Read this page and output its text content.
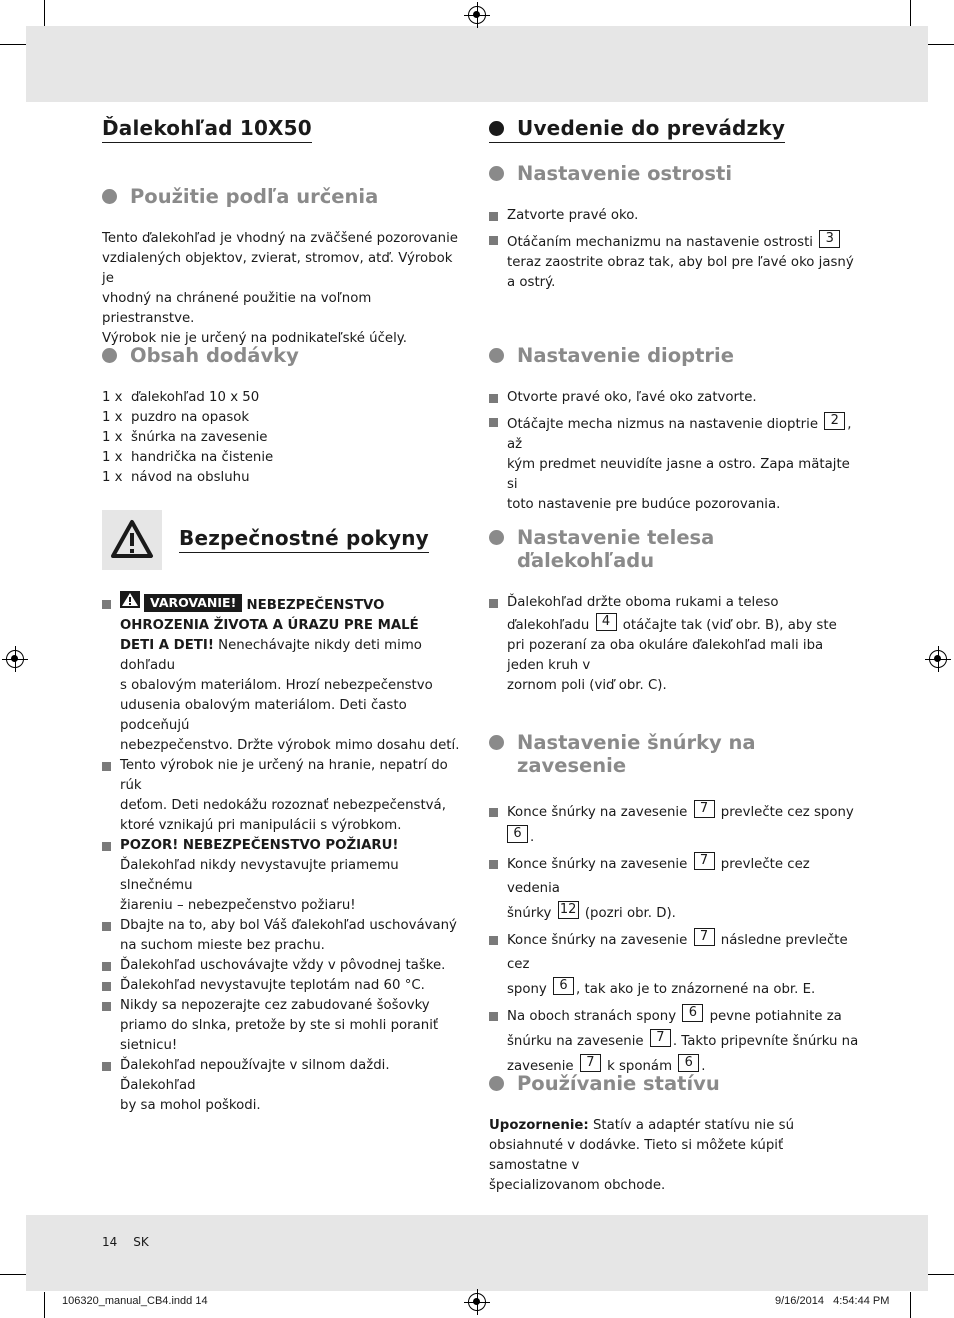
Ďalekohľad 10X50
Použitie podľa určenia
Tento ďalekohľad je vhodný na zväčšené pozorovanie
vzdialených objektov, zvierat, stromov, atď. Výrobok je
vhodný na chránené použitie na voľnom priestranstve.
Výrobok nie je určený na podnikateľské účely.
Obsah dodávky
1 x ďalekohľad 10 x 50
1 x puzdro na opasok
1 x šnúrka na zavesenie
1 x handrička na čistenie
1 x návod na obsluhu
Bezpečnostné pokyny
VAROVANIE! NEBEZPEČENSTVO
OHROZENIA ŽIVOTA A ÚRAZU PRE MALÉ
DETI A DETI! Nenechávajte nikdy deti mimo dohľadu
s obalovým materiálom. Hrozí nebezpečenstvo
udusenia obalovým materiálom. Deti často podceňujú
nebezpečenstvo. Držte výrobok mimo dosahu detí.
Tento výrobok nie je určený na hranie, nepatrí do rúk
deťom. Deti nedokážu rozoznať nebezpečenstvá,
ktoré vznikajú pri manipulácii s výrobkom.
POZOR! NEBEZPEČENSTVO POŽIARU!
Ďalekohľad nikdy nevystavujte priamemu slnečnému
žiareniu – nebezpečenstvo požiaru!
Dbajte na to, aby bol Váš ďalekohľad uschovávaný
na suchom mieste bez prachu.
Ďalekohľad uschovávajte vždy v pôvodnej taške.
Ďalekohľad nevystavujte teplotám nad 60 °C.
Nikdy sa nepozerajte cez zabudované šošovky
priamo do slnka, pretože by ste si mohli poraniť
sietnicu!
Ďalekohľad nepoužívajte v silnom daždi. Ďalekohľad
by sa mohol poškodi.
Uvedenie do prevádzky
Nastavenie ostrosti
Zatvorte pravé oko.
Otáčaním mechanizmu na nastavenie ostrosti 3
teraz zaostrite obraz tak, aby bol pre ľavé oko jasný
a ostrý.
Nastavenie dioptrie
Otvorte pravé oko, ľavé oko zatvorte.
Otáčajte mecha nizmus na nastavenie dioptrie 2 , až
kým predmet neuvidíte jasne a ostro. Zapa mätajte si
toto nastavenie pre budúce pozorovania.
Nastavenie telesa
ďalekohľadu
Ďalekohľad držte oboma rukami a teleso
ďalekohľadu 4 otáčajte tak (viď obr. B), aby ste
pri pozeraní za oba okuláre ďalekohľad mali iba jeden kruh v
zornom poli (viď obr. C).
Nastavenie šnúrky na
zavesenie
Konce šnúrky na zavesenie 7 prevlečte cez spony
6 .
Konce šnúrky na zavesenie 7 prevlečte cez vedenia
šnúrky 12 (pozri obr. D).
Konce šnúrky na zavesenie 7 následne prevlečte cez
spony 6 , tak ako je to znázornené na obr. E.
Na oboch stranách spony 6 pevne potiahnite za
šnúrku na zavesenie 7 . Takto pripevníte šnúrku na
zavesenie 7 k sponám 6 .
Používanie statívu
Upozornenie: Statív a adaptér statívu nie sú
obsiahnuté v dodávke. Tieto si môžete kúpiť samostatne v
špecializovanom obchode.
14 SK
106320_manual_CB4.indd 14	9/16/2014 4:54:44 PM
